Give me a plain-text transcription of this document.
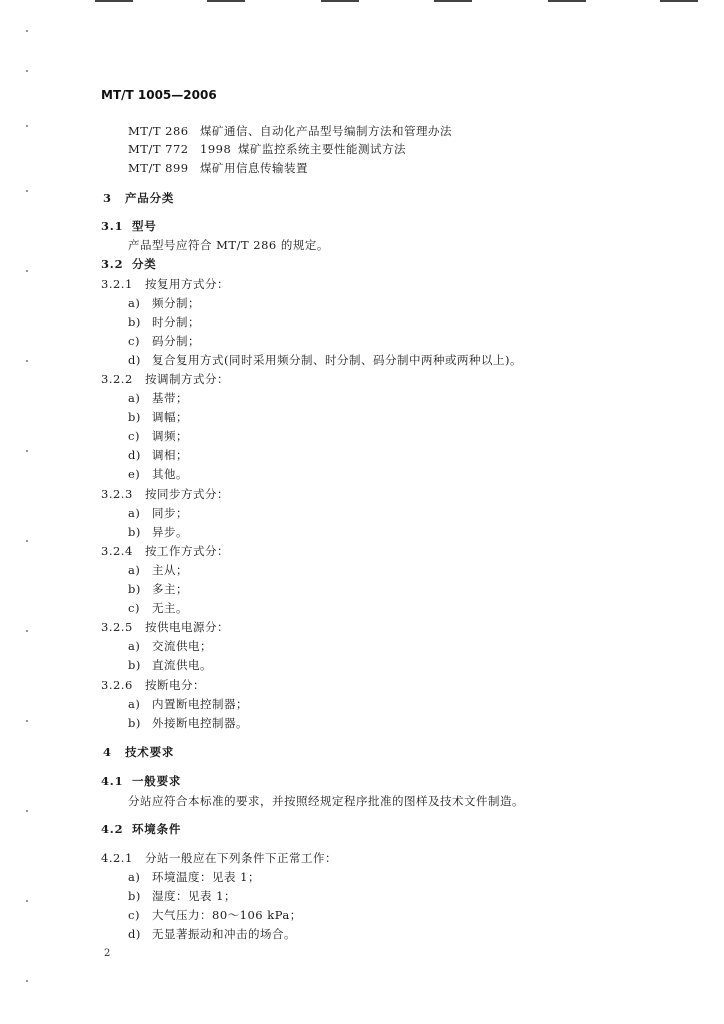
MT/T 1005—2006
MT/T 286 煤矿通信、自动化产品型号编制方法和管理办法
MT/T 772 1998 煤矿监控系统主要性能测试方法
MT/T 899 煤矿用信息传输装置
3 产品分类
3.1 型号
产品型号应符合 MT/T 286 的规定。
3.2 分类
3.2.1 按复用方式分：
a) 频分制；
b) 时分制；
c) 码分制；
d) 复合复用方式(同时采用频分制、时分制、码分制中两种或两种以上)。
3.2.2 按调制方式分：
a) 基带；
b) 调幅；
c) 调频；
d) 调相；
e) 其他。
3.2.3 按同步方式分：
a) 同步；
b) 异步。
3.2.4 按工作方式分：
a) 主从；
b) 多主；
c) 无主。
3.2.5 按供电电源分：
a) 交流供电；
b) 直流供电。
3.2.6 按断电分：
a) 内置断电控制器；
b) 外接断电控制器。
4 技术要求
4.1 一般要求
分站应符合本标准的要求，并按照经规定程序批准的图样及技术文件制造。
4.2 环境条件
4.2.1 分站一般应在下列条件下正常工作：
a) 环境温度：见表 1；
b) 湿度：见表 1；
c) 大气压力：80～106 kPa；
d) 无显著振动和冲击的场合。
2
